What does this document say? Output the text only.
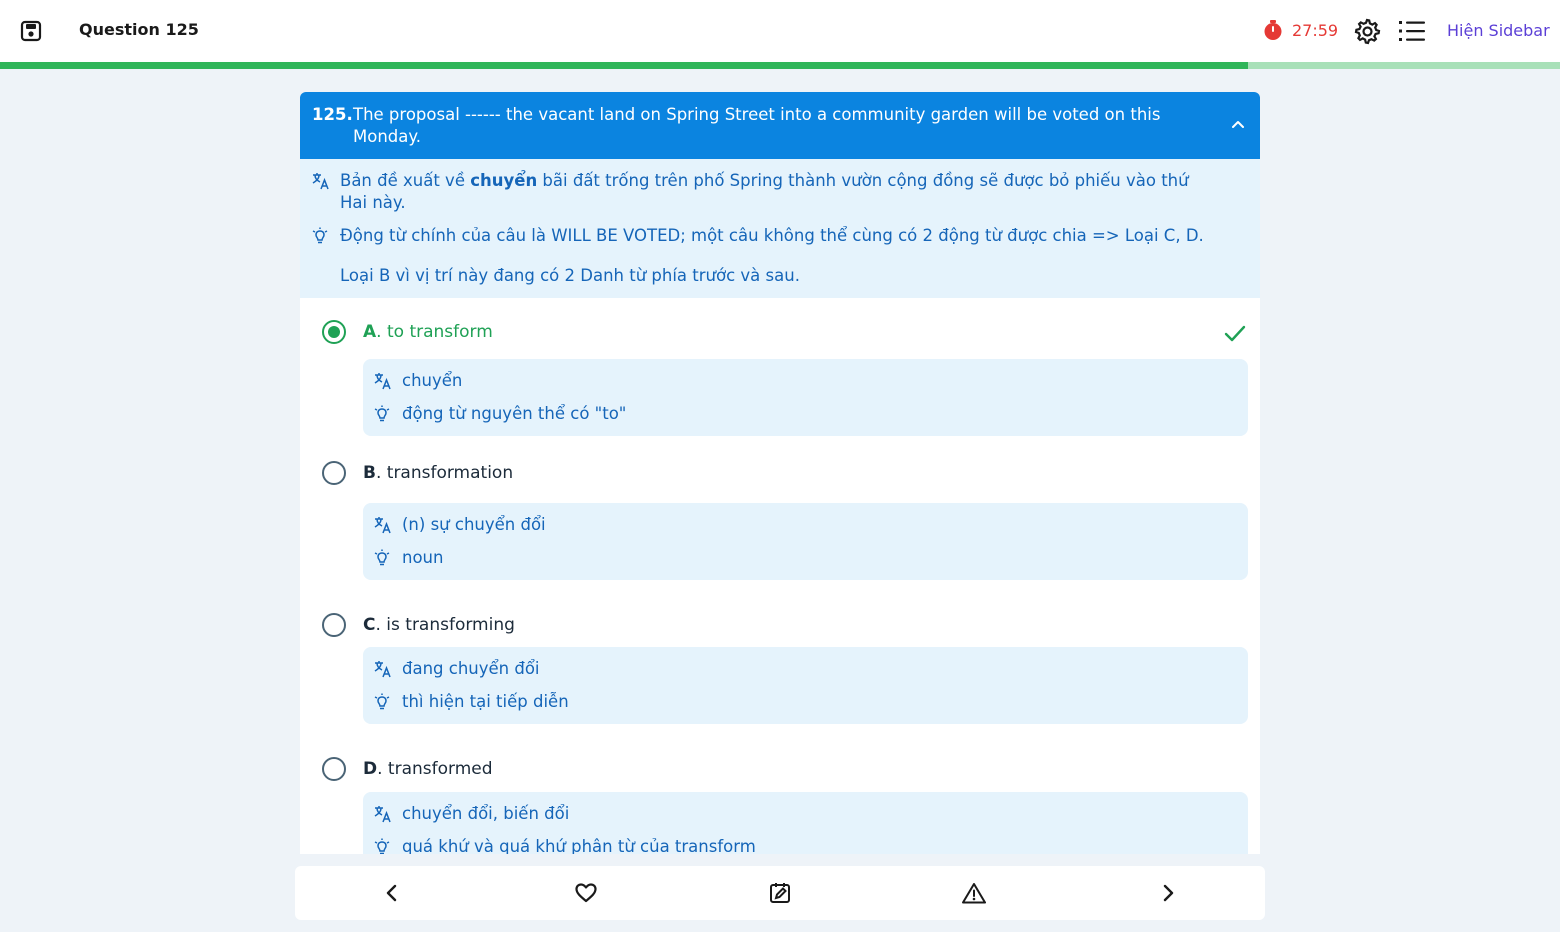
Question 125	27:59	Hiện Sidebar
125. The proposal ------ the vacant land on Spring Street into a community garden will be voted on this Monday.
Bản đề xuất về chuyển bãi đất trống trên phố Spring thành vườn cộng đồng sẽ được bỏ phiếu vào thứ Hai này.
Động từ chính của câu là WILL BE VOTED; một câu không thể cùng có 2 động từ được chia => Loại C, D.
Loại B vì vị trí này đang có 2 Danh từ phía trước và sau.
A. to transform
chuyển
động từ nguyên thể có "to"
B. transformation
(n) sự chuyển đổi
noun
C. is transforming
đang chuyển đổi
thì hiện tại tiếp diễn
D. transformed
chuyển đổi, biến đổi
quá khứ và quá khứ phân từ của transform
